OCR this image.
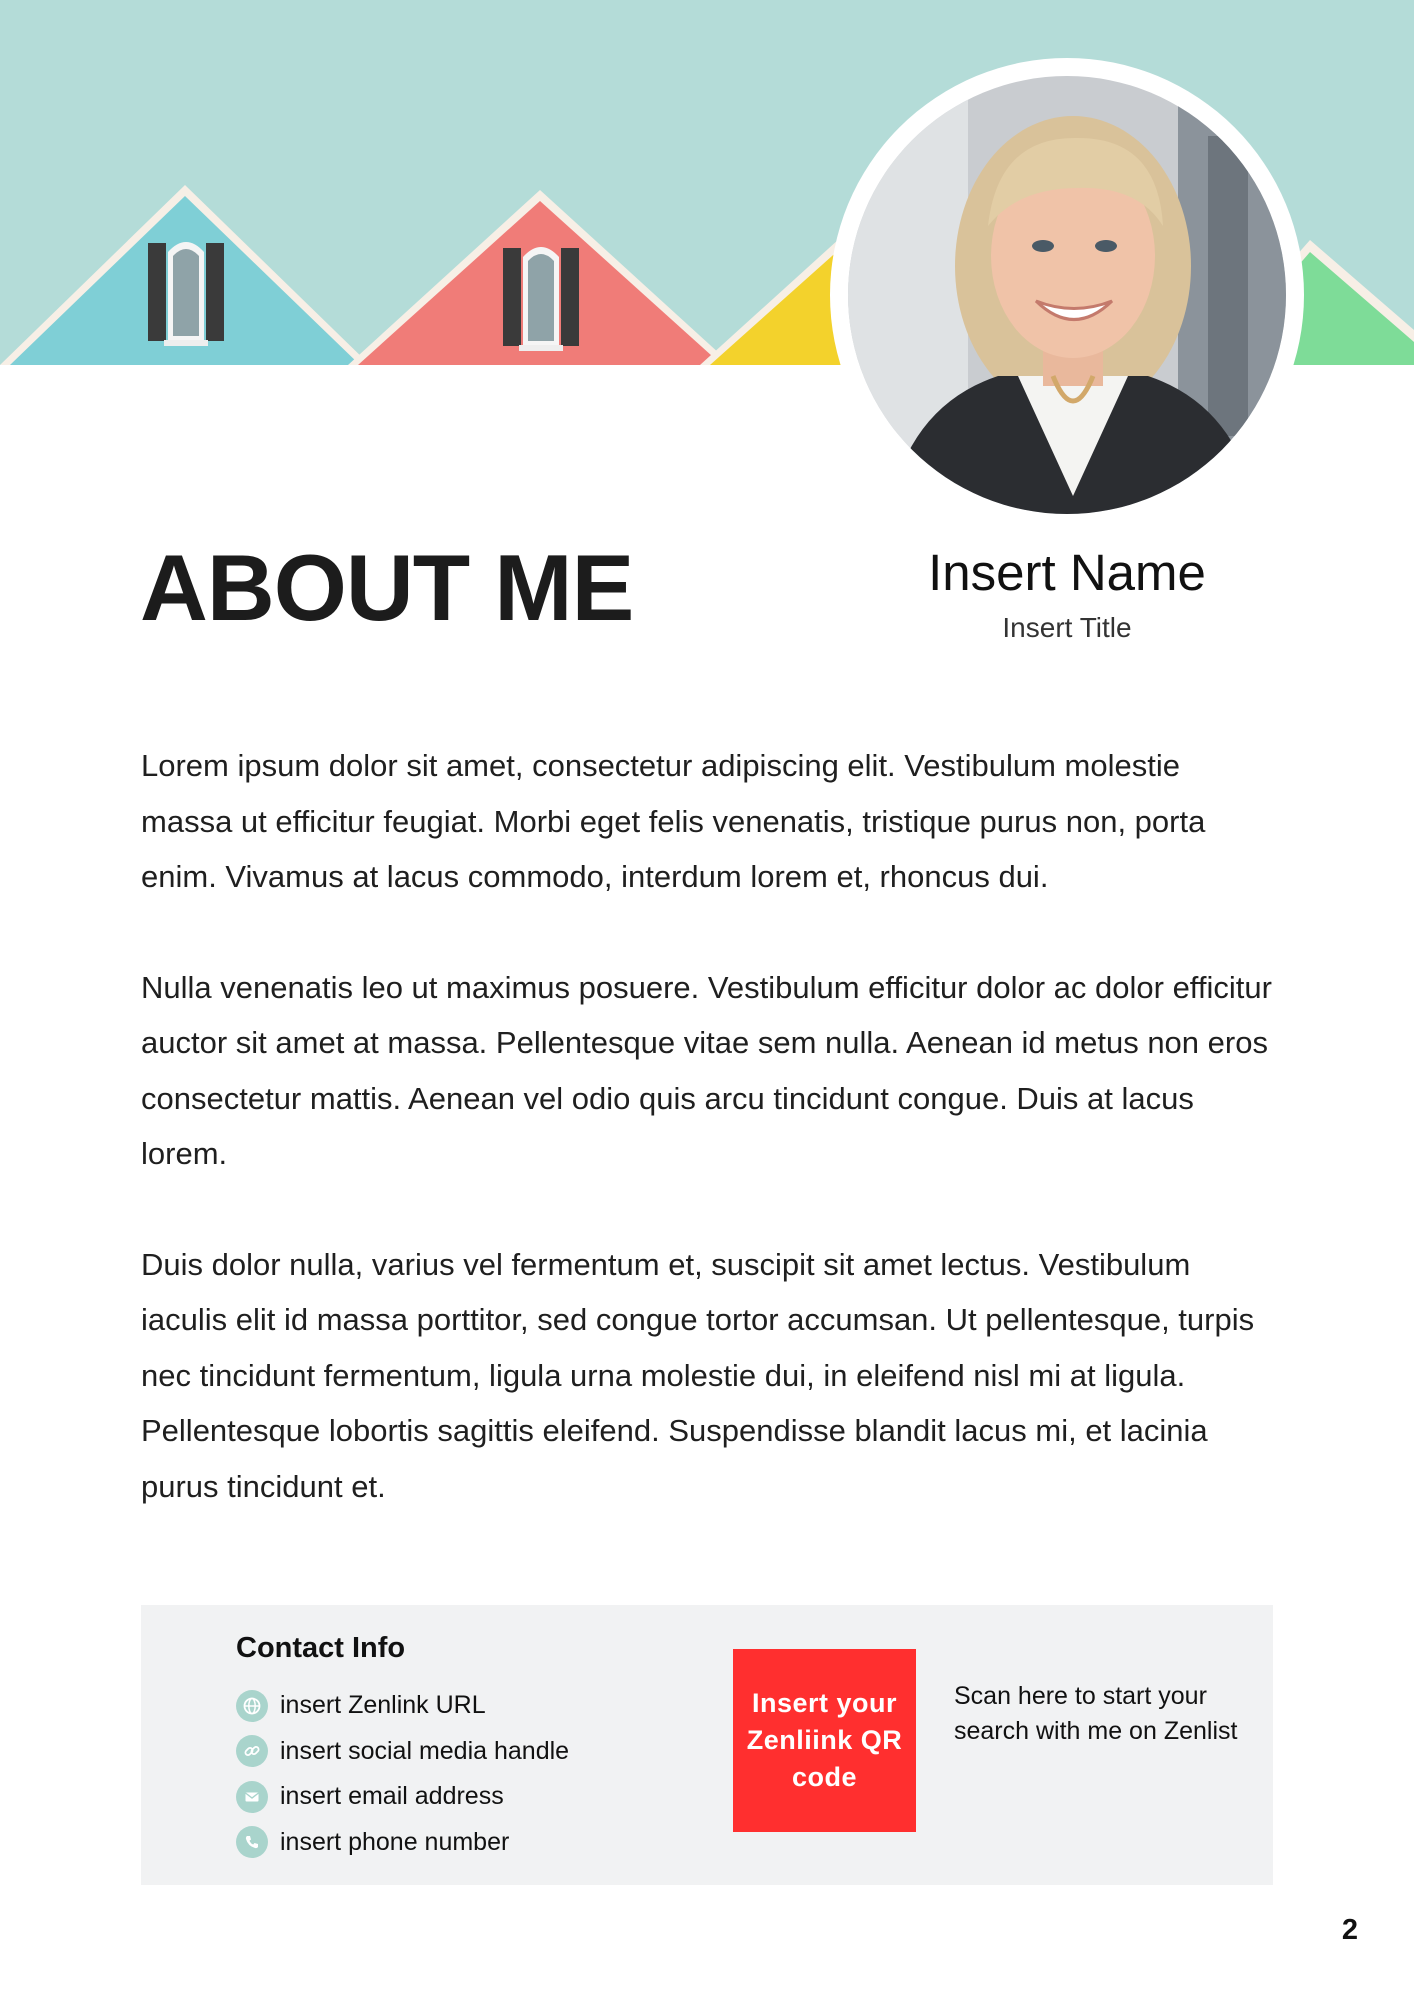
ABOUT ME	Insert Name
Insert Title

Lorem ipsum dolor sit amet, consectetur adipiscing elit. Vestibulum molestie massa ut efficitur feugiat. Morbi eget felis venenatis, tristique purus non, porta enim. Vivamus at lacus commodo, interdum lorem et, rhoncus dui.

Nulla venenatis leo ut maximus posuere. Vestibulum efficitur dolor ac dolor efficitur auctor sit amet at massa. Pellentesque vitae sem nulla. Aenean id metus non eros consectetur mattis. Aenean vel odio quis arcu tincidunt congue. Duis at lacus lorem.

Duis dolor nulla, varius vel fermentum et, suscipit sit amet lectus. Vestibulum iaculis elit id massa porttitor, sed congue tortor accumsan. Ut pellentesque, turpis nec tincidunt fermentum, ligula urna molestie dui, in eleifend nisl mi at ligula. Pellentesque lobortis sagittis eleifend. Suspendisse blandit lacus mi, et lacinia purus tincidunt et.

Contact Info
insert Zenlink URL
insert social media handle
insert email address
insert phone number
Insert your Zenliink QR code
Scan here to start your search with me on Zenlist
2
